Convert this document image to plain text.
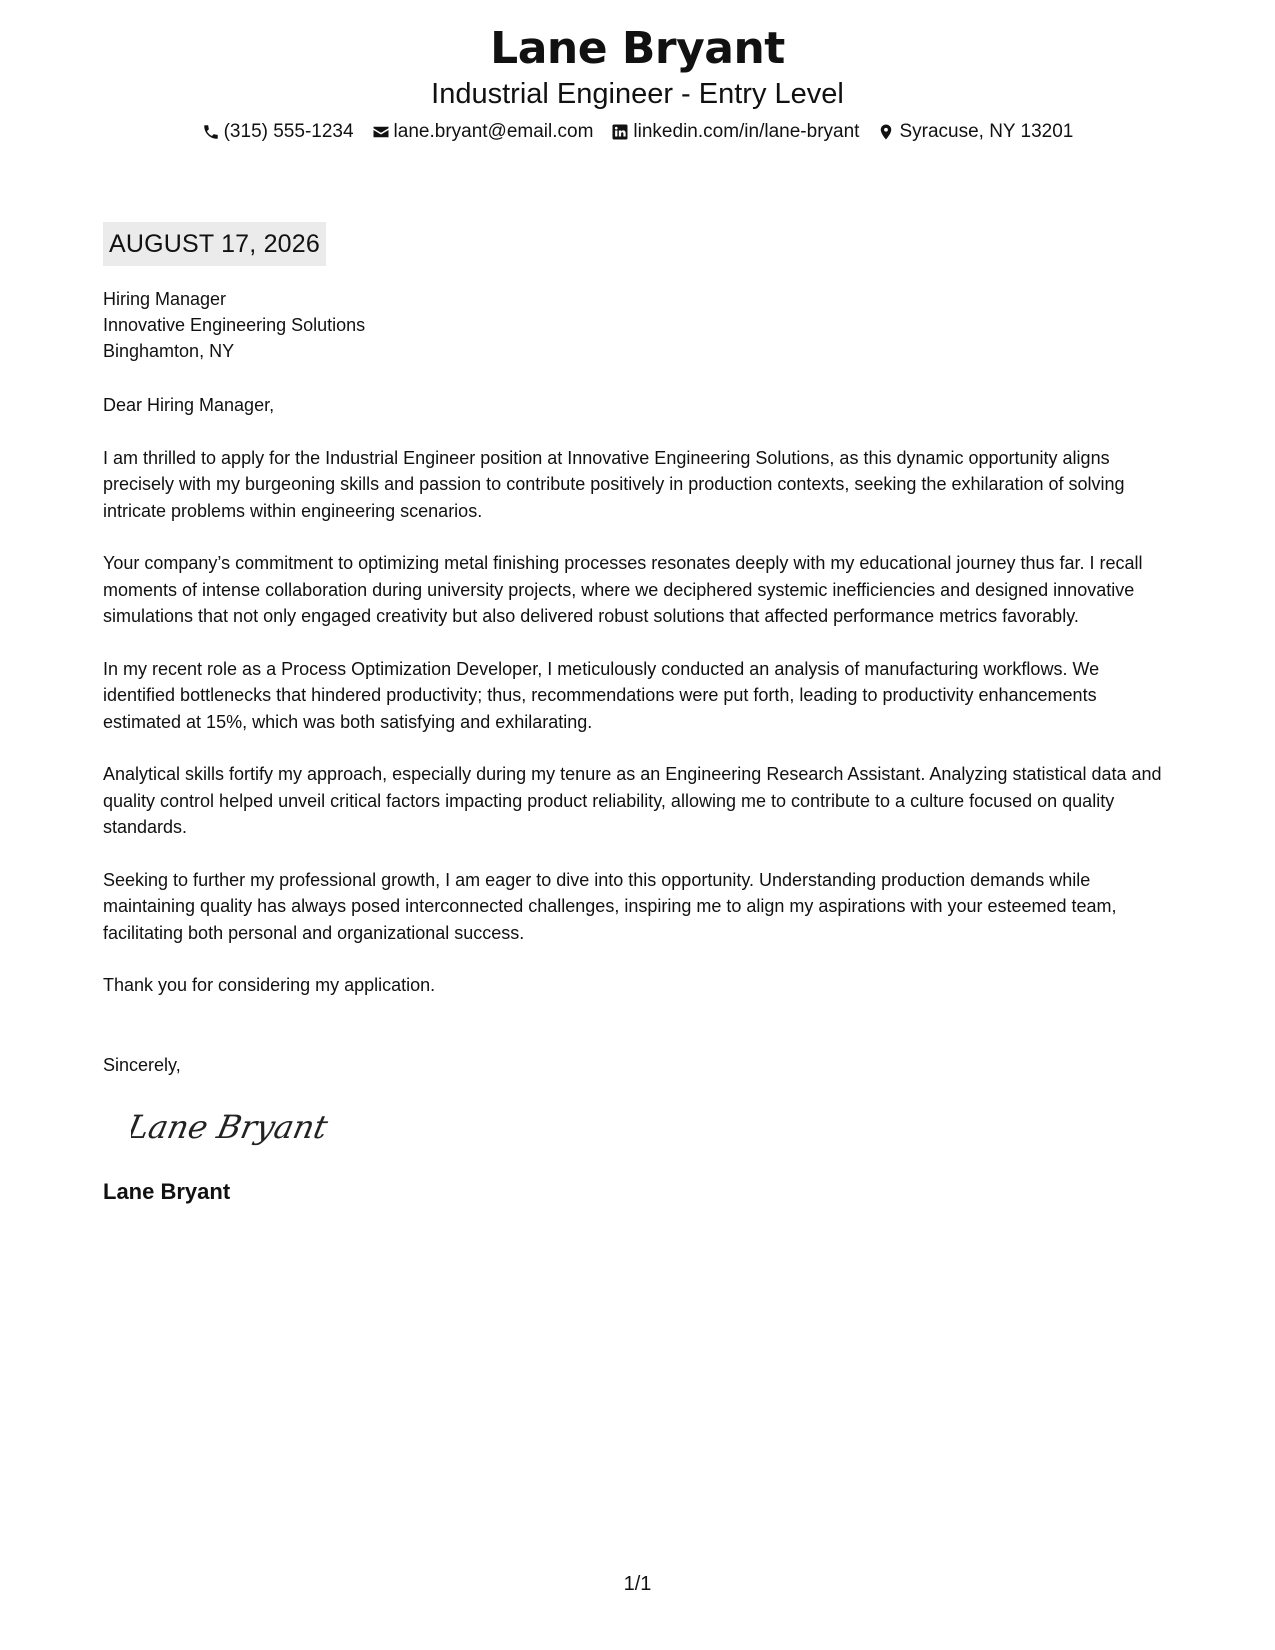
Lane Bryant
Industrial Engineer - Entry Level
(315) 555-1234 lane.bryant@email.com linkedin.com/in/lane-bryant Syracuse, NY 13201
AUGUST 17, 2026
Hiring Manager
Innovative Engineering Solutions
Binghamton, NY
Dear Hiring Manager,
I am thrilled to apply for the Industrial Engineer position at Innovative Engineering Solutions, as this dynamic opportunity aligns precisely with my burgeoning skills and passion to contribute positively in production contexts, seeking the exhilaration of solving intricate problems within engineering scenarios.
Your company’s commitment to optimizing metal finishing processes resonates deeply with my educational journey thus far. I recall moments of intense collaboration during university projects, where we deciphered systemic inefficiencies and designed innovative simulations that not only engaged creativity but also delivered robust solutions that affected performance metrics favorably.
In my recent role as a Process Optimization Developer, I meticulously conducted an analysis of manufacturing workflows. We identified bottlenecks that hindered productivity; thus, recommendations were put forth, leading to productivity enhancements estimated at 15%, which was both satisfying and exhilarating.
Analytical skills fortify my approach, especially during my tenure as an Engineering Research Assistant. Analyzing statistical data and quality control helped unveil critical factors impacting product reliability, allowing me to contribute to a culture focused on quality standards.
Seeking to further my professional growth, I am eager to dive into this opportunity. Understanding production demands while maintaining quality has always posed interconnected challenges, inspiring me to align my aspirations with your esteemed team, facilitating both personal and organizational success.
Thank you for considering my application.
Sincerely,
Lane Bryant
Lane Bryant
1/1
